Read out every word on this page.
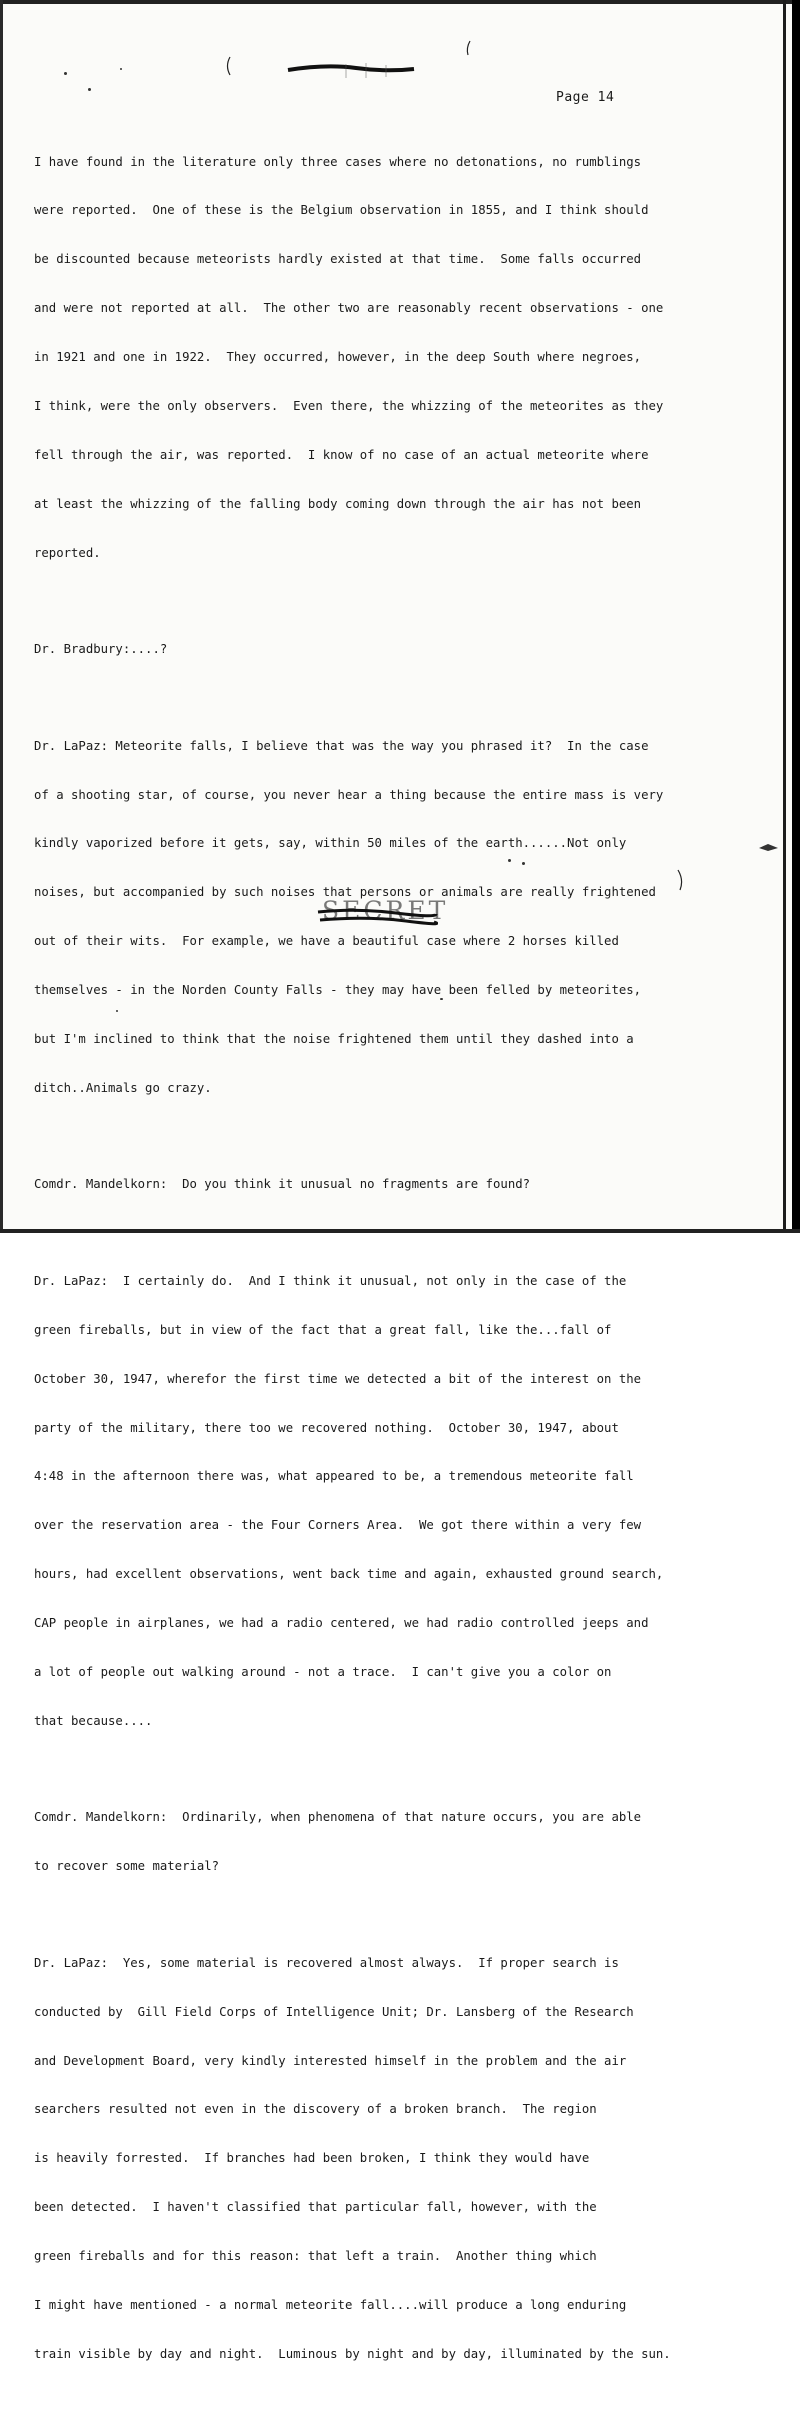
Page 14

I have found in the literature only three cases where no detonations, no rumblings

were reported.  One of these is the Belgium observation in 1855, and I think should

be discounted because meteorists hardly existed at that time.  Some falls occurred

and were not reported at all.  The other two are reasonably recent observations - one

in 1921 and one in 1922.  They occurred, however, in the deep South where negroes,

I think, were the only observers.  Even there, the whizzing of the meteorites as they

fell through the air, was reported.  I know of no case of an actual meteorite where

at least the whizzing of the falling body coming down through the air has not been

reported.

Dr. Bradbury:....?

Dr. LaPaz: Meteorite falls, I believe that was the way you phrased it?  In the case

of a shooting star, of course, you never hear a thing because the entire mass is very

kindly vaporized before it gets, say, within 50 miles of the earth......Not only

noises, but accompanied by such noises that persons or animals are really frightened

out of their wits.  For example, we have a beautiful case where 2 horses killed

themselves - in the Norden County Falls - they may have been felled by meteorites,

but I'm inclined to think that the noise frightened them until they dashed into a

ditch..Animals go crazy.

Comdr. Mandelkorn:  Do you think it unusual no fragments are found?

Dr. LaPaz:  I certainly do.  And I think it unusual, not only in the case of the

green fireballs, but in view of the fact that a great fall, like the...fall of

October 30, 1947, wherefor the first time we detected a bit of the interest on the

party of the military, there too we recovered nothing.  October 30, 1947, about

4:48 in the afternoon there was, what appeared to be, a tremendous meteorite fall

over the reservation area - the Four Corners Area.  We got there within a very few

hours, had excellent observations, went back time and again, exhausted ground search,

CAP people in airplanes, we had a radio centered, we had radio controlled jeeps and

a lot of people out walking around - not a trace.  I can't give you a color on

that because....

Comdr. Mandelkorn:  Ordinarily, when phenomena of that nature occurs, you are able

to recover some material?

Dr. LaPaz:  Yes, some material is recovered almost always.  If proper search is

conducted by  Gill Field Corps of Intelligence Unit; Dr. Lansberg of the Research

and Development Board, very kindly interested himself in the problem and the air

searchers resulted not even in the discovery of a broken branch.  The region

is heavily forrested.  If branches had been broken, I think they would have

been detected.  I haven't classified that particular fall, however, with the

green fireballs and for this reason: that left a train.  Another thing which

I might have mentioned - a normal meteorite fall....will produce a long enduring

train visible by day and night.  Luminous by night and by day, illuminated by the sun.

SECRET
